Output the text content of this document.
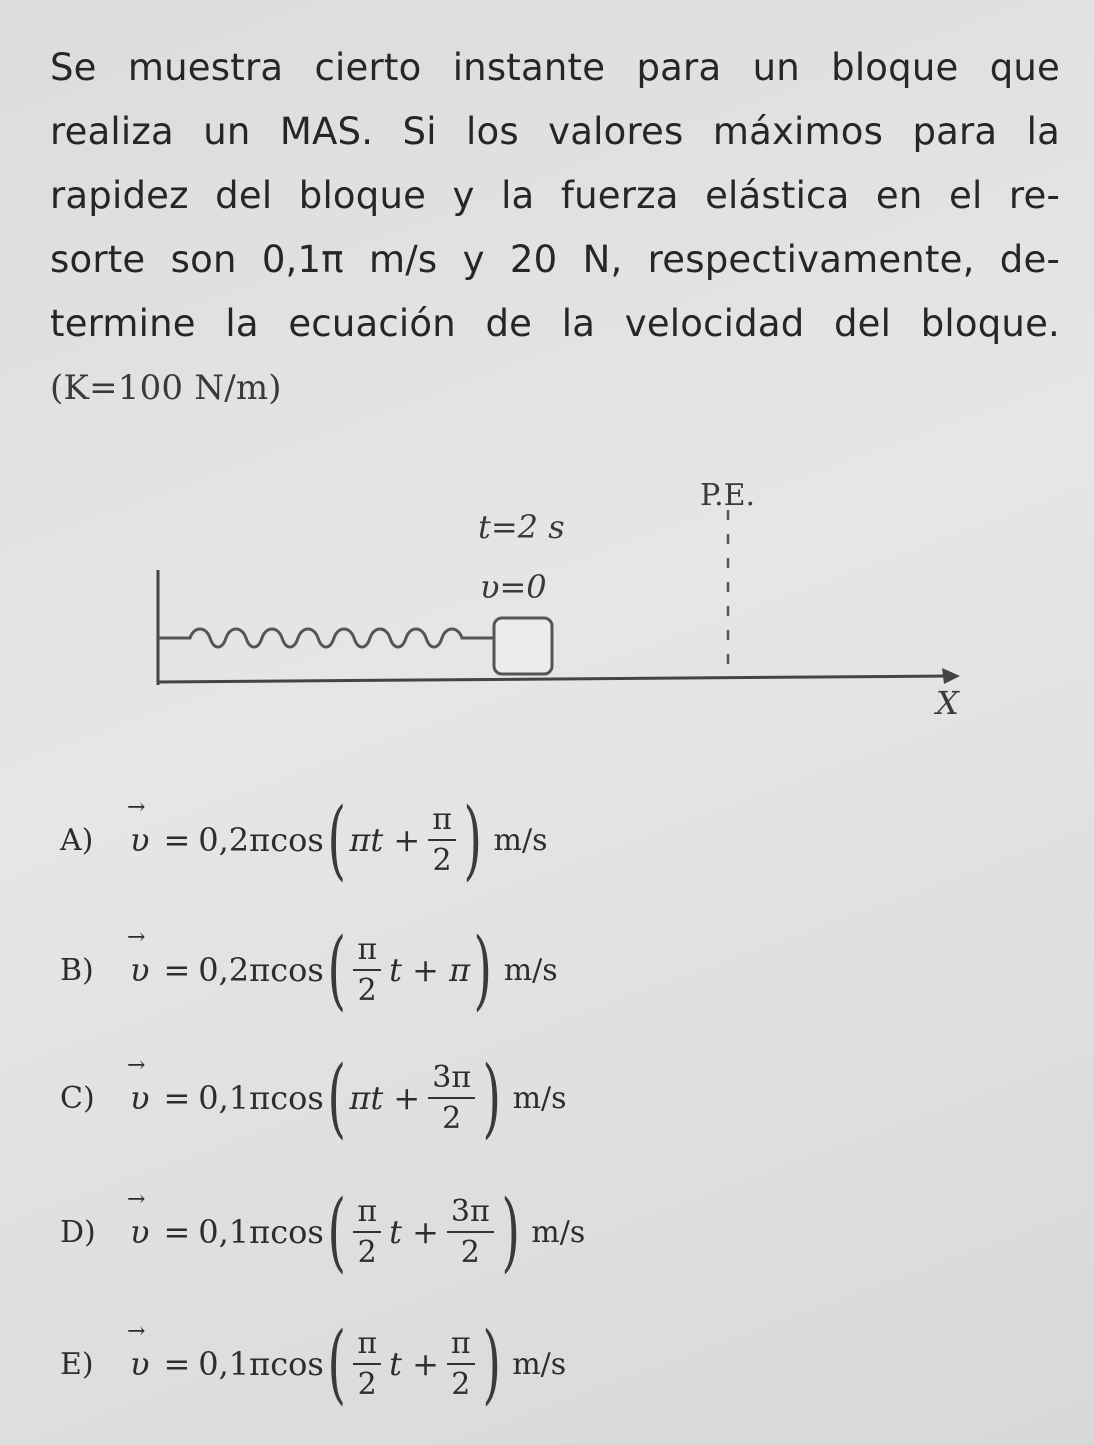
Se muestra cierto instante para un bloque que
realiza un MAS. Si los valores máximos para la
rapidez del bloque y la fuerza elástica en el re-
sorte son 0,1π m/s y 20 N, respectivamente, de-
termine la ecuación de la velocidad del bloque.
(K=100 N/m)
P.E.
t=2 s
υ=0
X
A)	→ υ = 0,2πcos ( $\pi t + \frac{\pi}{2}$ ) m/s
B)	→ υ = 0,2πcos ( $\frac{\pi}{2}$ t + π ) m/s
C)	→ υ = 0,1πcos ( $\pi t + \frac{3\pi}{2}$ ) m/s
D)	→ υ = 0,1πcos ( $\frac{\pi}{2}$ $t + \frac{3\pi}{2}$ ) m/s
E)	→ υ = 0,1πcos ( $\frac{\pi}{2}$ $t + \frac{\pi}{2}$ ) m/s
